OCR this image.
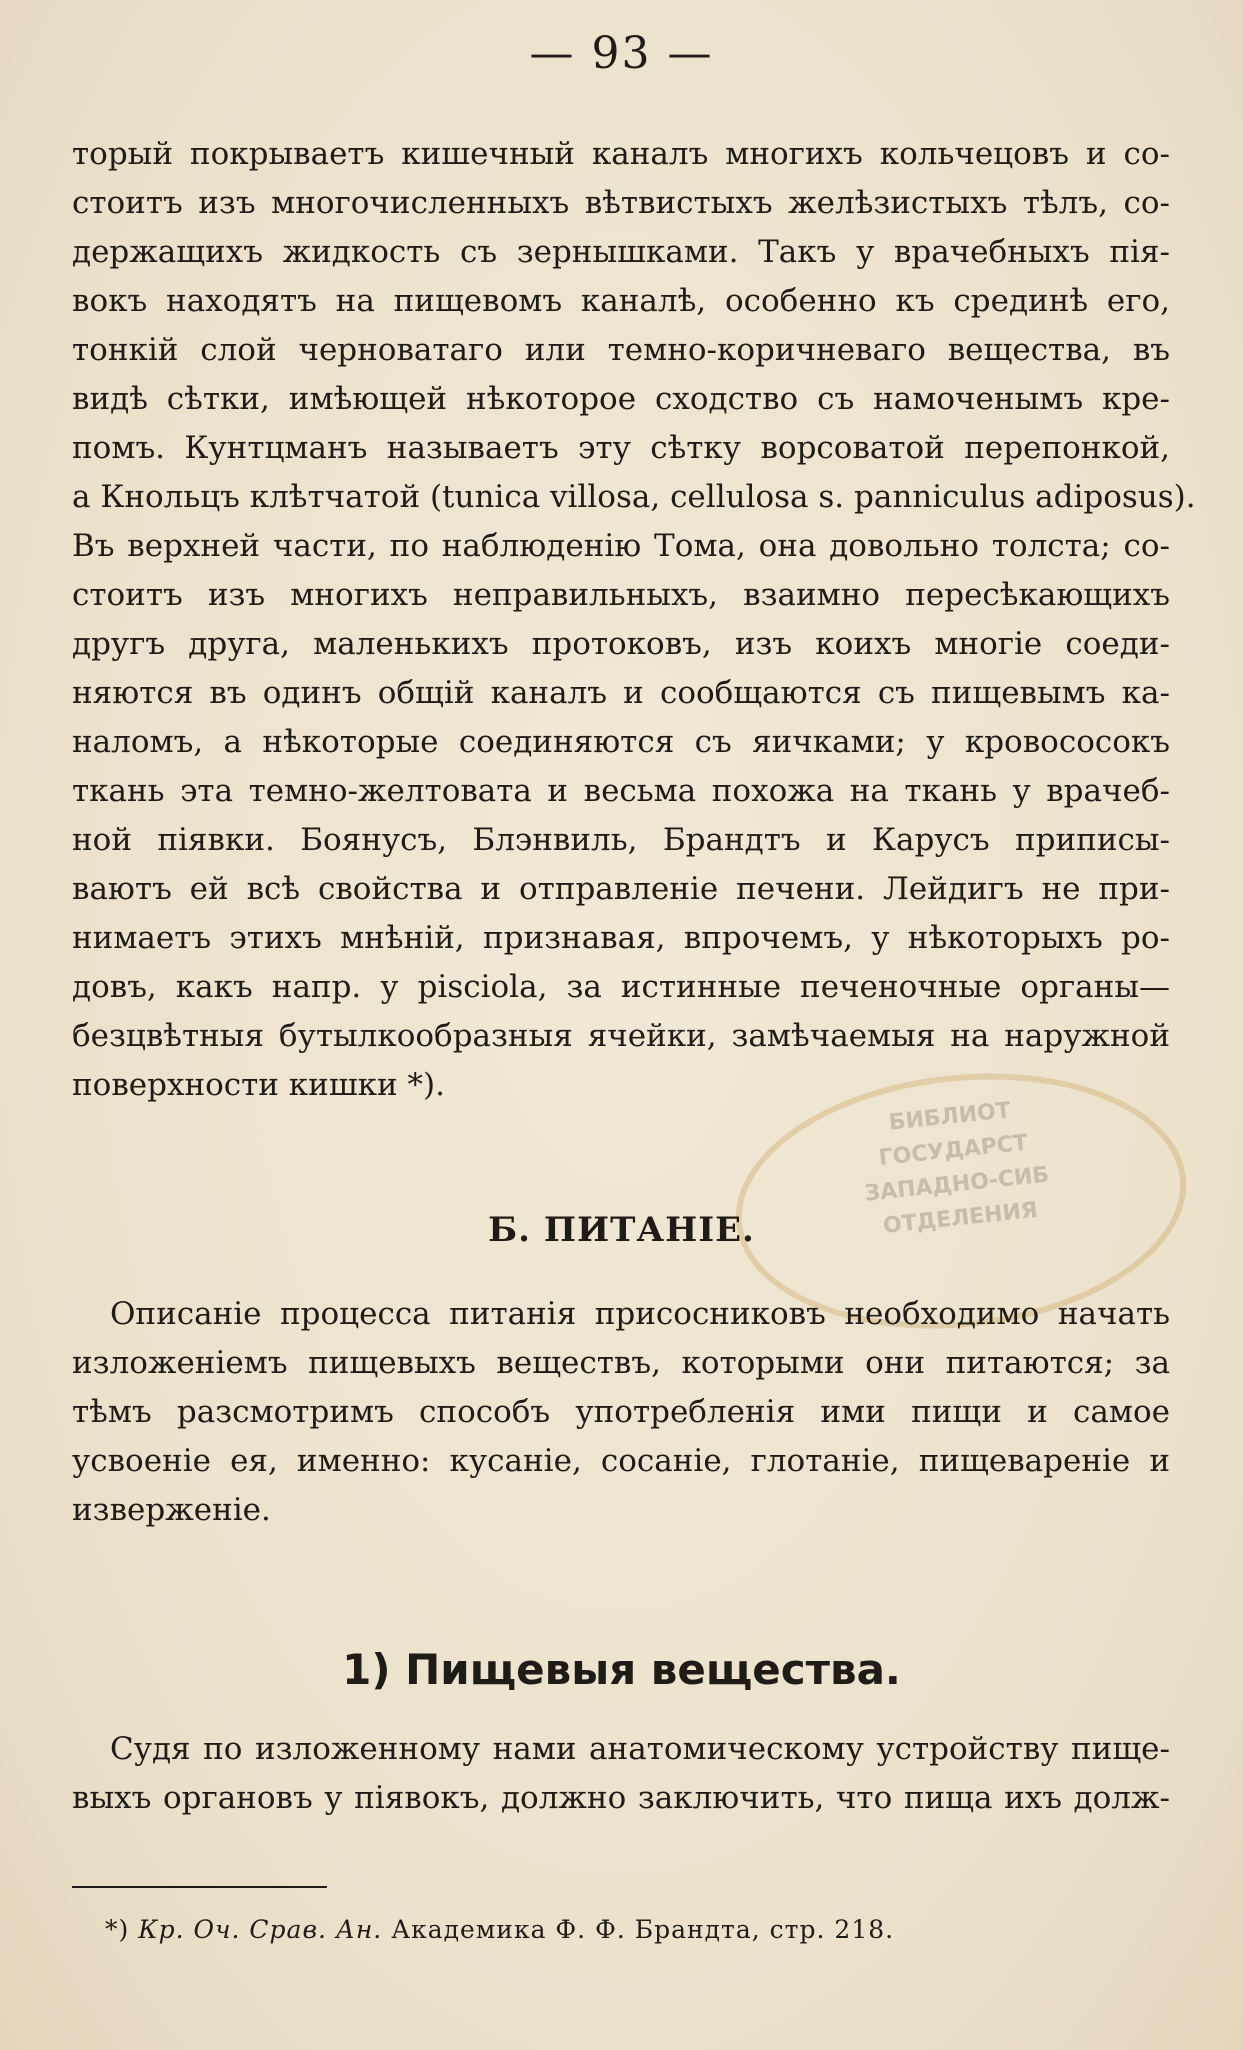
— 93 —
торый покрываетъ кишечный каналъ многихъ кольчецовъ и со-
стоитъ изъ многочисленныхъ вѣтвистыхъ желѣзистыхъ тѣлъ, со-
держащихъ жидкость съ зернышками. Такъ у врачебныхъ пія-
вокъ находятъ на пищевомъ каналѣ, особенно къ срединѣ его,
тонкій слой черноватаго или темно-коричневаго вещества, въ
видѣ сѣтки, имѣющей нѣкоторое сходство съ намоченымъ кре-
помъ. Кунтцманъ называетъ эту сѣтку ворсоватой перепонкой,
а Кнольцъ клѣтчатой (tunica villosa, cellulosa s. panniculus adiposus).
Въ верхней части, по наблюденію Тома, она довольно толста; со-
стоитъ изъ многихъ неправильныхъ, взаимно пересѣкающихъ
другъ друга, маленькихъ протоковъ, изъ коихъ многіе соеди-
няются въ одинъ общій каналъ и сообщаются съ пищевымъ ка-
наломъ, а нѣкоторые соединяются съ яичками; у кровососокъ
ткань эта темно-желтовата и весьма похожа на ткань у врачеб-
ной піявки. Боянусъ, Блэнвиль, Брандтъ и Карусъ приписы-
ваютъ ей всѣ свойства и отправленіе печени. Лейдигъ не при-
нимаетъ этихъ мнѣній, признавая, впрочемъ, у нѣкоторыхъ ро-
довъ, какъ напр. у piscіola, за истинные печеночные органы—
безцвѣтныя бутылкообразныя ячейки, замѣчаемыя на наружной
поверхности кишки *).
БИБЛИОТ
ГОСУДАРСТ
ЗАПАДНО-СИБ
ОТДЕЛЕНИЯ
Б. ПИТАНІЕ.
Описаніе процесса питанія присосниковъ необходимо начать
изложеніемъ пищевыхъ веществъ, которыми они питаются; за
тѣмъ разсмотримъ способъ употребленія ими пищи и самое
усвоеніе ея, именно: кусаніе, сосаніе, глотаніе, пищевареніе и
изверженіе.
1) Пищевыя вещества.
Судя по изложенному нами анатомическому устройству пище-
выхъ органовъ у піявокъ, должно заключить, что пища ихъ долж-
*) Кр. Оч. Срав. Ан. Академика Ф. Ф. Брандта, стр. 218.
